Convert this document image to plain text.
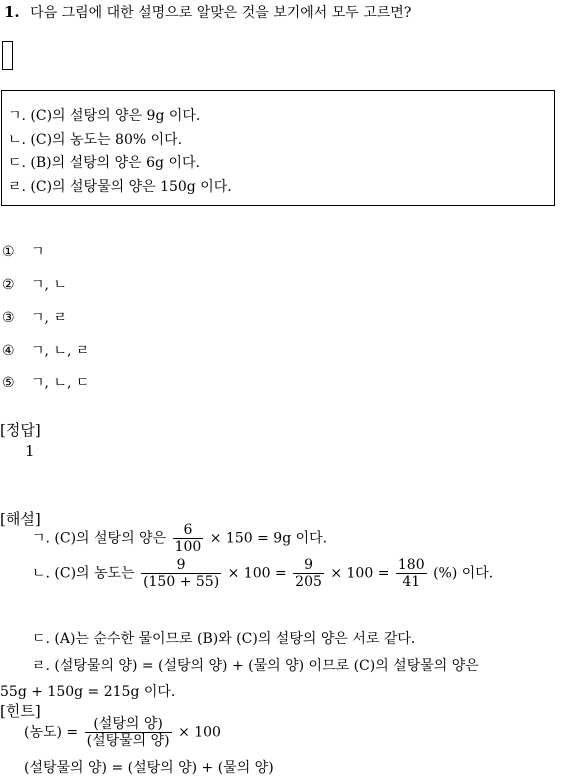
1. 다음 그림에 대한 설명으로 알맞은 것을 보기에서 모두 고르면?
ㄱ. (C)의 설탕의 양은 9g 이다.
ㄴ. (C)의 농도는 80% 이다.
ㄷ. (B)의 설탕의 양은 6g 이다.
ㄹ. (C)의 설탕물의 양은 150g 이다.
① ㄱ
② ㄱ, ㄴ
③ ㄱ, ㄹ
④ ㄱ, ㄴ, ㄹ
⑤ ㄱ, ㄴ, ㄷ
[정답]
1
[해설]
ㄱ. (C)의 설탕의 양은 $\frac{6}{100} \times 150 = 9g$ 이다.
ㄴ. (C)의 농도는 $\frac{9}{(150 + 55)} \times 100 = \frac{9}{205} \times 100 = \frac{180}{41}$ (%) 이다.
ㄷ. (A)는 순수한 물이므로 (B)와 (C)의 설탕의 양은 서로 같다.
ㄹ. (설탕물의 양) = (설탕의 양) + (물의 양) 이므로 (C)의 설탕물의 양은
55g + 150g = 215g 이다.
[힌트]
(농도) = $\frac{\text{(설탕의 양)}}{\text{(설탕물의 양)}} \times 100$
(설탕물의 양) = (설탕의 양) + (물의 양)
